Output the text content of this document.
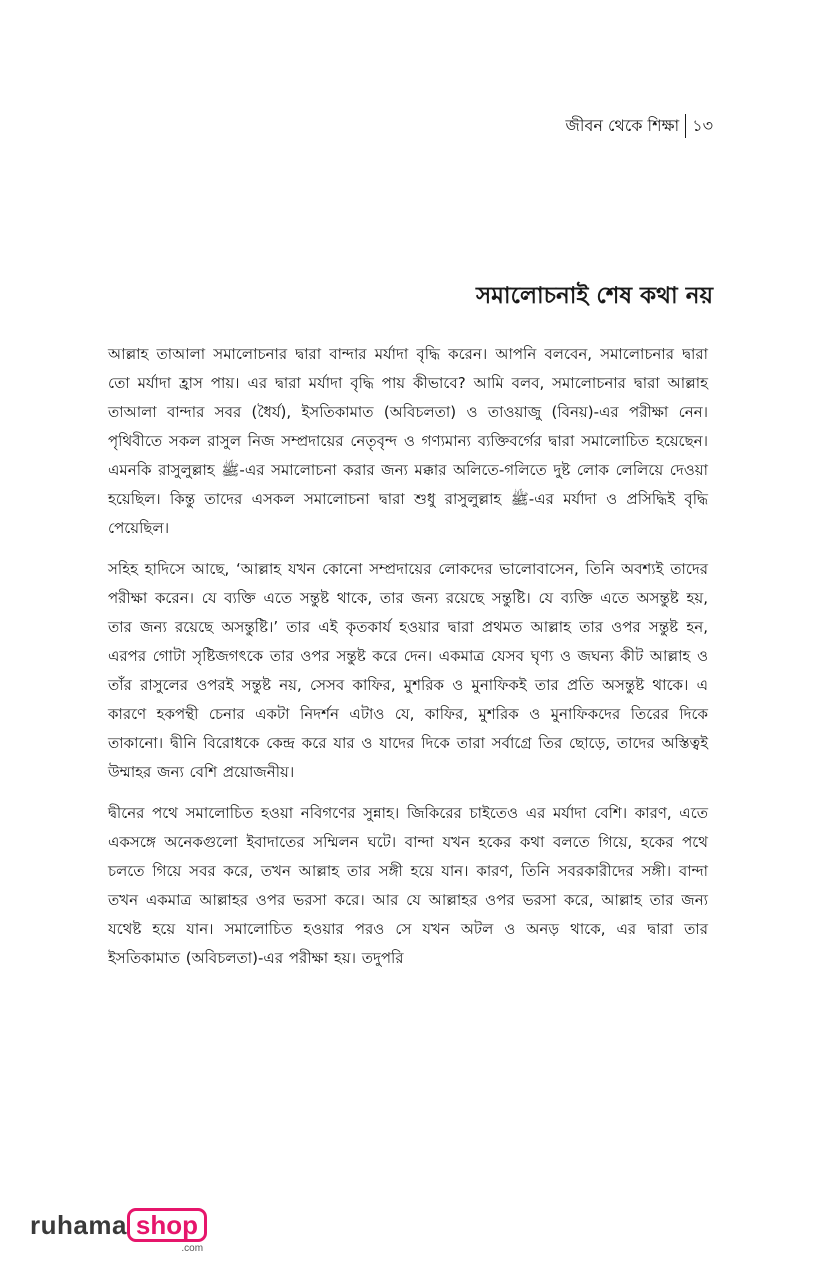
জীবন থেকে শিক্ষা ১৩
সমালোচনাই শেষ কথা নয়

আল্লাহ তাআলা সমালোচনার দ্বারা বান্দার মর্যাদা বৃদ্ধি করেন। আপনি বলবেন, সমালোচনার দ্বারা তো মর্যাদা হ্রাস পায়। এর দ্বারা মর্যাদা বৃদ্ধি পায় কীভাবে? আমি বলব, সমালোচনার দ্বারা আল্লাহ তাআলা বান্দার সবর (ধৈর্য), ইসতিকামাত (অবিচলতা) ও তাওয়াজু (বিনয়)-এর পরীক্ষা নেন। পৃথিবীতে সকল রাসুল নিজ সম্প্রদায়ের নেতৃবৃন্দ ও গণ্যমান্য ব্যক্তিবর্গের দ্বারা সমালোচিত হয়েছেন। এমনকি রাসুলুল্লাহ ﷺ-এর সমালোচনা করার জন্য মক্কার অলিতে-গলিতে দুষ্ট লোক লেলিয়ে দেওয়া হয়েছিল। কিন্তু তাদের এসকল সমালোচনা দ্বারা শুধু রাসুলুল্লাহ ﷺ-এর মর্যাদা ও প্রসিদ্ধিই বৃদ্ধি পেয়েছিল।

সহিহ হাদিসে আছে, ‘আল্লাহ যখন কোনো সম্প্রদায়ের লোকদের ভালোবাসেন, তিনি অবশ্যই তাদের পরীক্ষা করেন। যে ব্যক্তি এতে সন্তুষ্ট থাকে, তার জন্য রয়েছে সন্তুষ্টি। যে ব্যক্তি এতে অসন্তুষ্ট হয়, তার জন্য রয়েছে অসন্তুষ্টি।’ তার এই কৃতকার্য হওয়ার দ্বারা প্রথমত আল্লাহ তার ওপর সন্তুষ্ট হন, এরপর গোটা সৃষ্টিজগৎকে তার ওপর সন্তুষ্ট করে দেন। একমাত্র যেসব ঘৃণ্য ও জঘন্য কীট আল্লাহ ও তাঁর রাসুলের ওপরই সন্তুষ্ট নয়, সেসব কাফির, মুশরিক ও মুনাফিকই তার প্রতি অসন্তুষ্ট থাকে। এ কারণে হকপন্থী চেনার একটা নিদর্শন এটাও যে, কাফির, মুশরিক ও মুনাফিকদের তিরের দিকে তাকানো। দ্বীনি বিরোধকে কেন্দ্র করে যার ও যাদের দিকে তারা সর্বাগ্রে তির ছোড়ে, তাদের অস্তিত্বই উম্মাহর জন্য বেশি প্রয়োজনীয়।

দ্বীনের পথে সমালোচিত হওয়া নবিগণের সুন্নাহ। জিকিরের চাইতেও এর মর্যাদা বেশি। কারণ, এতে একসঙ্গে অনেকগুলো ইবাদাতের সম্মিলন ঘটে। বান্দা যখন হকের কথা বলতে গিয়ে, হকের পথে চলতে গিয়ে সবর করে, তখন আল্লাহ তার সঙ্গী হয়ে যান। কারণ, তিনি সবরকারীদের সঙ্গী। বান্দা তখন একমাত্র আল্লাহর ওপর ভরসা করে। আর যে আল্লাহর ওপর ভরসা করে, আল্লাহ তার জন্য যথেষ্ট হয়ে যান। সমালোচিত হওয়ার পরও সে যখন অটল ও অনড় থাকে, এর দ্বারা তার ইসতিকামাত (অবিচলতা)-এর পরীক্ষা হয়। তদুপরি

ruhama shop
.com
